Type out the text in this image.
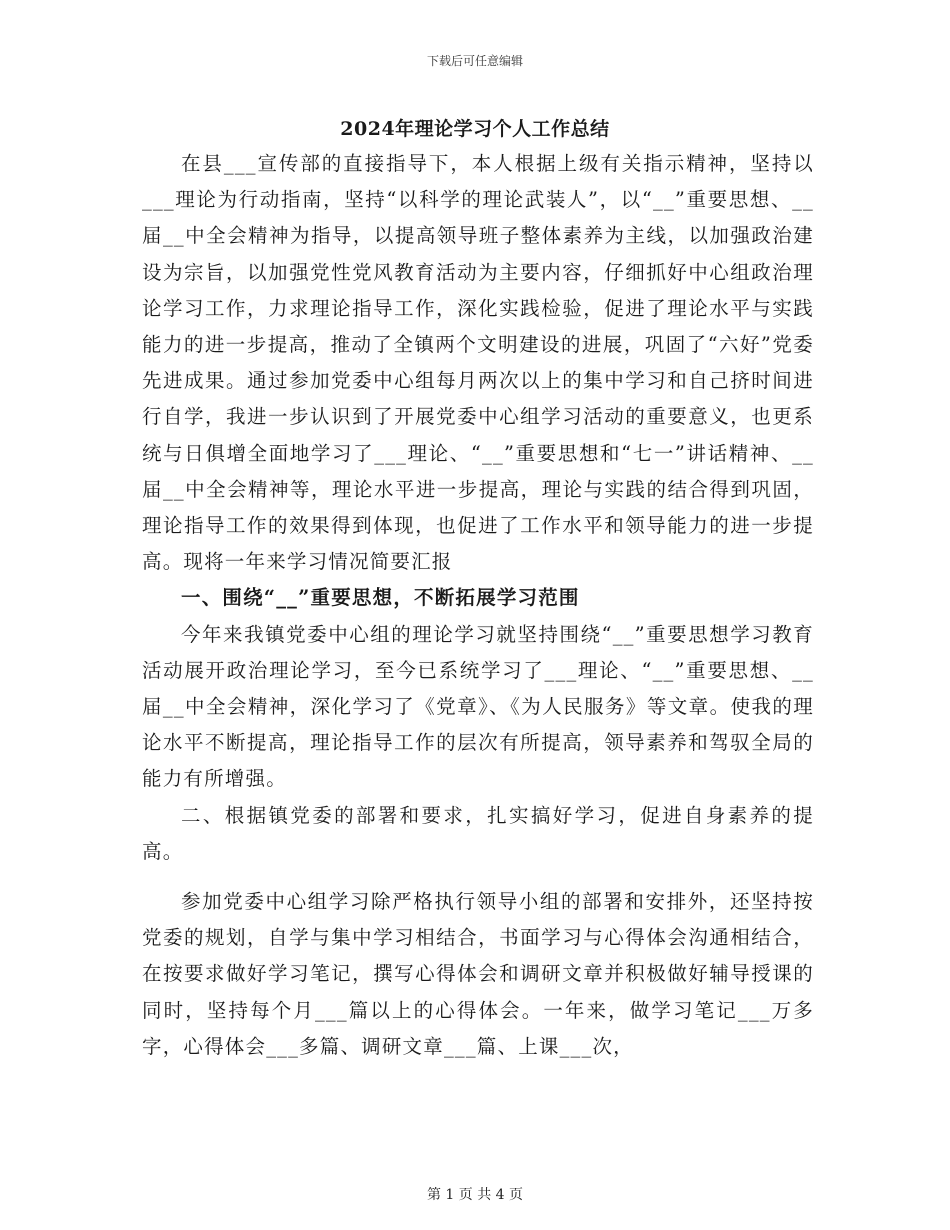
下载后可任意编辑
2024年理论学习个人工作总结

在县___宣传部的直接指导下，本人根据上级有关指示精神，坚持以___理论为行动指南，坚持“以科学的理论武装人”，以“__”重要思想、__届__中全会精神为指导，以提高领导班子整体素养为主线，以加强政治建设为宗旨，以加强党性党风教育活动为主要内容，仔细抓好中心组政治理论学习工作，力求理论指导工作，深化实践检验，促进了理论水平与实践能力的进一步提高，推动了全镇两个文明建设的进展，巩固了“六好”党委先进成果。通过参加党委中心组每月两次以上的集中学习和自己挤时间进行自学，我进一步认识到了开展党委中心组学习活动的重要意义，也更系统与日俱增全面地学习了___理论、“__”重要思想和“七一”讲话精神、__届__中全会精神等，理论水平进一步提高，理论与实践的结合得到巩固，理论指导工作的效果得到体现，也促进了工作水平和领导能力的进一步提高。现将一年来学习情况简要汇报

一、围绕“__”重要思想，不断拓展学习范围

今年来我镇党委中心组的理论学习就坚持围绕“__”重要思想学习教育活动展开政治理论学习，至今已系统学习了___理论、“__”重要思想、__届__中全会精神，深化学习了《党章》、《为人民服务》等文章。使我的理论水平不断提高，理论指导工作的层次有所提高，领导素养和驾驭全局的能力有所增强。

二、根据镇党委的部署和要求，扎实搞好学习，促进自身素养的提高。

参加党委中心组学习除严格执行领导小组的部署和安排外，还坚持按党委的规划，自学与集中学习相结合，书面学习与心得体会沟通相结合，在按要求做好学习笔记，撰写心得体会和调研文章并积极做好辅导授课的同时，坚持每个月___篇以上的心得体会。一年来，做学习笔记___万多字，心得体会___多篇、调研文章___篇、上课___次，

第 1 页 共 4 页
